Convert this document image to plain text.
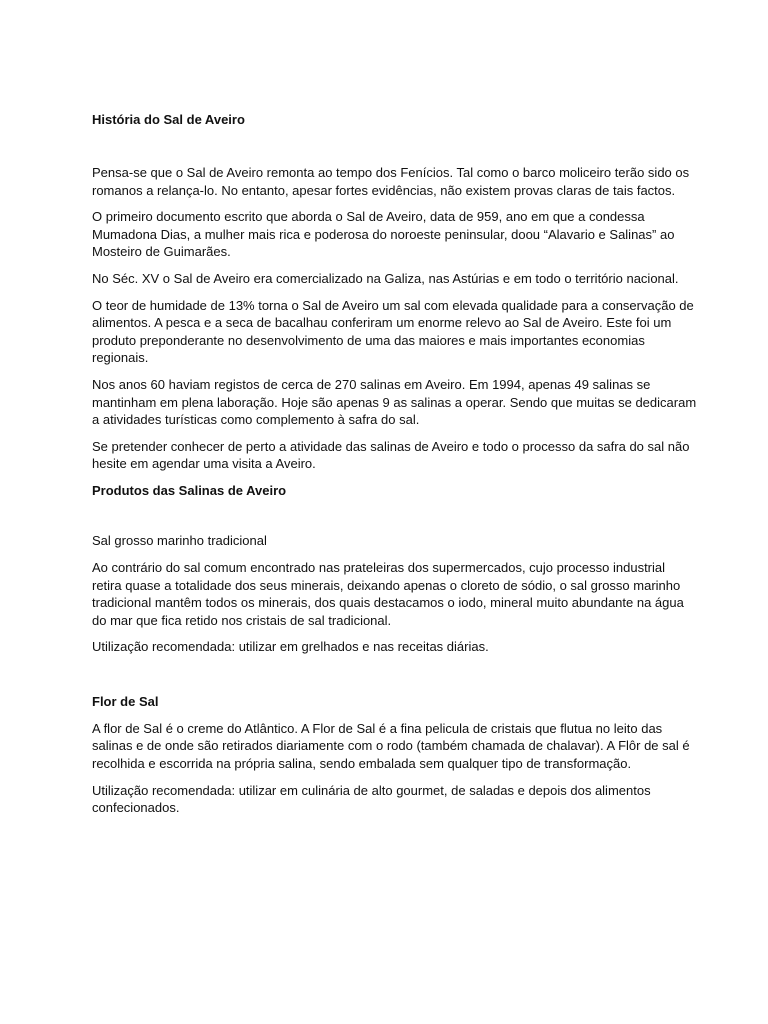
História do Sal de Aveiro

Pensa-se que o Sal de Aveiro remonta ao tempo dos Fenícios. Tal como o barco moliceiro terão sido os romanos a relança-lo. No entanto, apesar fortes evidências, não existem provas claras de tais factos.

O primeiro documento escrito que aborda o Sal de Aveiro, data de 959, ano em que a condessa Mumadona Dias, a mulher mais rica e poderosa do noroeste peninsular, doou “Alavario e Salinas” ao Mosteiro de Guimarães.

No Séc. XV o Sal de Aveiro era comercializado na Galiza, nas Astúrias e em todo o território nacional.

O teor de humidade de 13% torna o Sal de Aveiro um sal com elevada qualidade para a conservação de alimentos. A pesca e a seca de bacalhau conferiram um enorme relevo ao Sal de Aveiro. Este foi um produto preponderante no desenvolvimento de uma das maiores e mais importantes economias regionais.

Nos anos 60 haviam registos de cerca de 270 salinas em Aveiro. Em 1994, apenas 49 salinas se mantinham em plena laboração. Hoje são apenas 9 as salinas a operar. Sendo que muitas se dedicaram a atividades turísticas como complemento à safra do sal.

Se pretender conhecer de perto a atividade das salinas de Aveiro e todo o processo da safra do sal não hesite em agendar uma visita a Aveiro.

Produtos das Salinas de Aveiro
Sal grosso marinho tradicional

Ao contrário do sal comum encontrado nas prateleiras dos supermercados, cujo processo industrial retira quase a totalidade dos seus minerais, deixando apenas o cloreto de sódio, o sal grosso marinho tradicional mantêm todos os minerais, dos quais destacamos o iodo, mineral muito abundante na água do mar que fica retido nos cristais de sal tradicional.

Utilização recomendada: utilizar em grelhados e nas receitas diárias.

Flor de Sal

A flor de Sal é o creme do Atlântico. A Flor de Sal é a fina pelicula de cristais que flutua no leito das salinas e de onde são retirados diariamente com o rodo (também chamada de chalavar). A Flôr de sal é recolhida e escorrida na própria salina, sendo embalada sem qualquer tipo de transformação.

Utilização recomendada: utilizar em culinária de alto gourmet, de saladas e depois dos alimentos confecionados.
